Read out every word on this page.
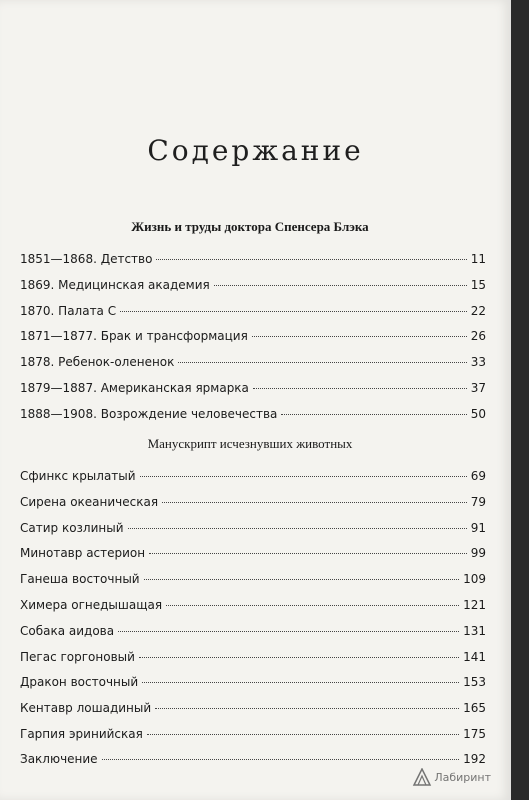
Содержание
Жизнь и труды доктора Спенсера Блэка
1851—1868. Детство	11
1869. Медицинская академия	15
1870. Палата С	22
1871—1877. Брак и трансформация	26
1878. Ребенок-олененок	33
1879—1887. Американская ярмарка	37
1888—1908. Возрождение человечества	50
Манускрипт исчезнувших животных
Сфинкс крылатый	69
Сирена океаническая	79
Сатир козлиный	91
Минотавр астерион	99
Ганеша восточный	109
Химера огнедышащая	121
Собака аидова	131
Пегас горгоновый	141
Дракон восточный	153
Кентавр лошадиный	165
Гарпия эринийская	175
Заключение	192
Лабиринт
